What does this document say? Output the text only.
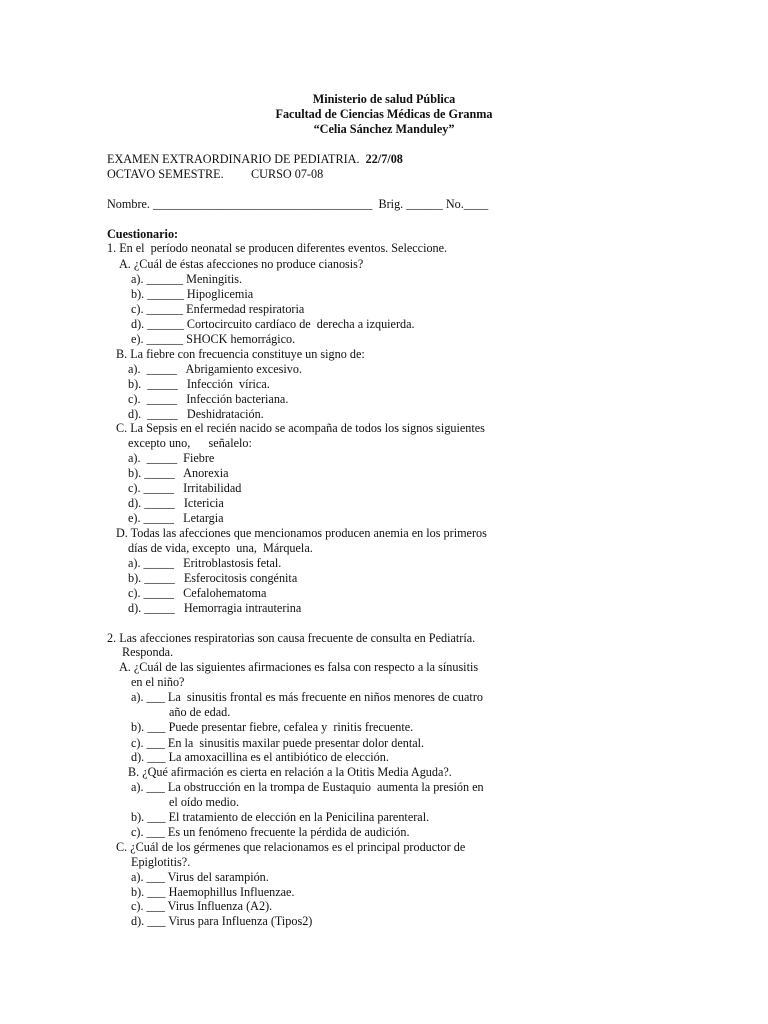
Ministerio de salud Pública
Facultad de Ciencias Médicas de Granma
“Celia Sánchez Manduley”
EXAMEN EXTRAORDINARIO DE PEDIATRIA.  22/7/08
OCTAVO SEMESTRE.         CURSO 07-08
Nombre. ____________________________________  Brig. ______ No.____
Cuestionario:
1. En el  período neonatal se producen diferentes eventos. Seleccione.
A. ¿Cuál de éstas afecciones no produce cianosis?
a). ______ Meningitis.
b). ______ Hipoglicemia
c). ______ Enfermedad respiratoria
d). ______ Cortocircuito cardíaco de  derecha a izquierda.
e). ______ SHOCK hemorrágico.
B. La fiebre con frecuencia constituye un signo de:
a).  _____   Abrigamiento excesivo.
b).  _____   Infección  vírica.
c).  _____   Infección bacteriana.
d).  _____   Deshidratación.
C. La Sepsis en el recién nacido se acompaña de todos los signos siguientes
excepto uno,      señalelo:
a).  _____  Fiebre
b). _____   Anorexia
c). _____   Irritabilidad
d). _____   Ictericia
e). _____   Letargia
D. Todas las afecciones que mencionamos producen anemia en los primeros
días de vida, excepto  una,  Márquela.
a). _____   Eritroblastosis fetal.
b). _____   Esferocitosis congénita
c). _____   Cefalohematoma
d). _____   Hemorragia intrauterina
2. Las afecciones respiratorias son causa frecuente de consulta en Pediatría.
Responda.
A. ¿Cuál de las siguientes afirmaciones es falsa con respecto a la sínusitis
en el niño?
a). ___ La  sinusitis frontal es más frecuente en niños menores de cuatro
año de edad.
b). ___ Puede presentar fiebre, cefalea y  rinitis frecuente.
c). ___ En la  sinusitis maxilar puede presentar dolor dental.
d). ___ La amoxacillina es el antibiótico de elección.
B. ¿Qué afirmación es cierta en relación a la Otitis Media Aguda?.
a). ___ La obstrucción en la trompa de Eustaquio  aumenta la presión en
el oído medio.
b). ___ El tratamiento de elección en la Penicilina parenteral.
c). ___ Es un fenómeno frecuente la pérdida de audición.
C. ¿Cuál de los gérmenes que relacionamos es el principal productor de
Epiglotitis?.
a). ___ Virus del sarampión.
b). ___ Haemophillus Influenzae.
c). ___ Virus Influenza (A2).
d). ___ Virus para Influenza (Tipos2)
